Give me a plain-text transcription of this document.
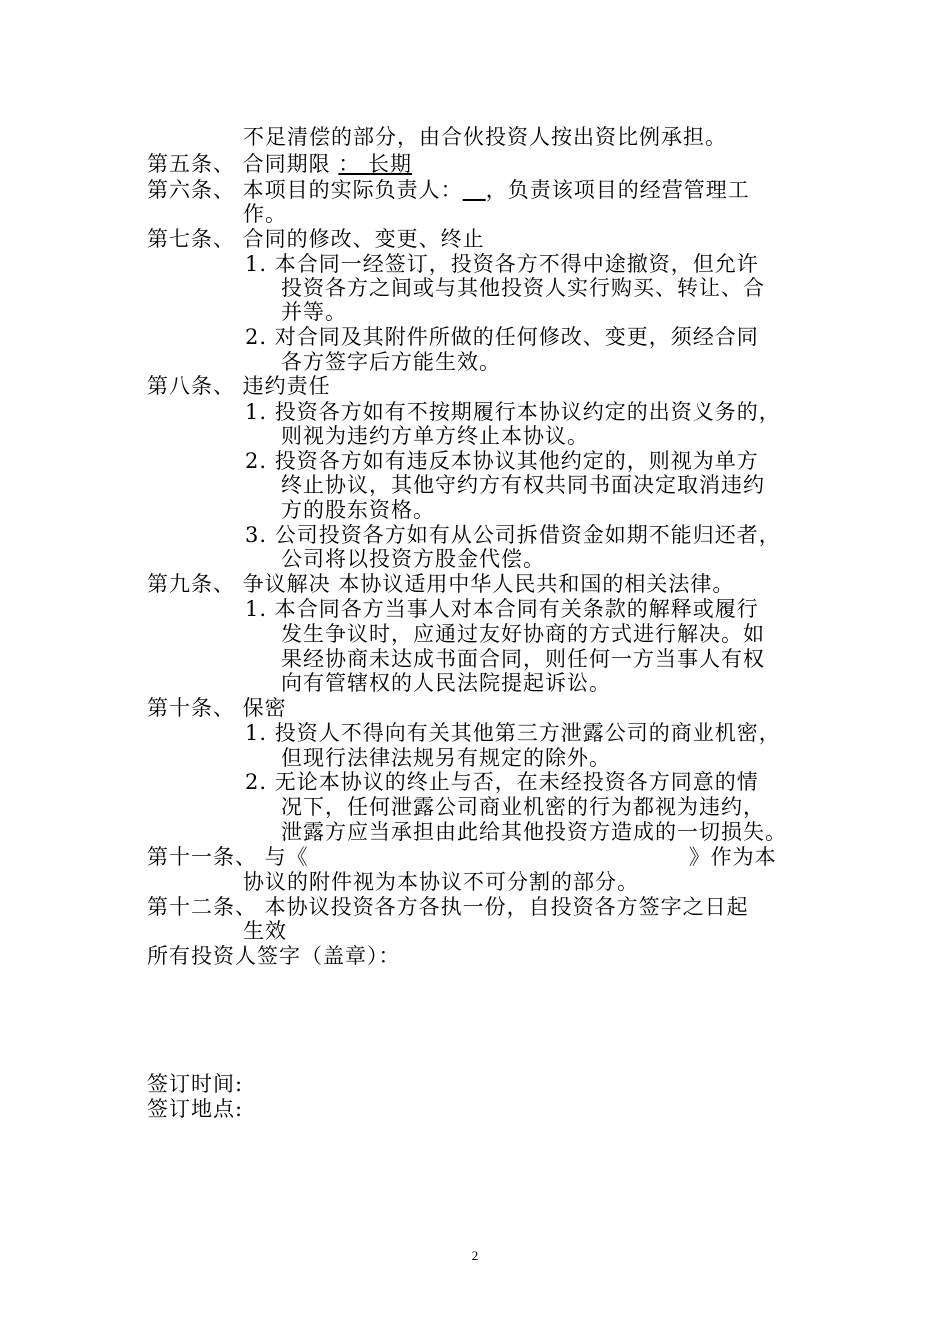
不足清偿的部分，由合伙投资人按出资比例承担。
第五条、 合同期限 ： 长期
第六条、 本项目的实际负责人： ，负责该项目的经营管理工
作。
第七条、 合同的修改、变更、终止
1. 本合同一经签订，投资各方不得中途撤资，但允许
投资各方之间或与其他投资人实行购买、转让、合
并等。
2. 对合同及其附件所做的任何修改、变更，须经合同
各方签字后方能生效。
第八条、 违约责任
1. 投资各方如有不按期履行本协议约定的出资义务的，
则视为违约方单方终止本协议。
2. 投资各方如有违反本协议其他约定的，则视为单方
终止协议，其他守约方有权共同书面决定取消违约
方的股东资格。
3. 公司投资各方如有从公司拆借资金如期不能归还者，
公司将以投资方股金代偿。
第九条、 争议解决 本协议适用中华人民共和国的相关法律。
1. 本合同各方当事人对本合同有关条款的解释或履行
发生争议时，应通过友好协商的方式进行解决。如
果经协商未达成书面合同，则任何一方当事人有权
向有管辖权的人民法院提起诉讼。
第十条、 保密
1. 投资人不得向有关其他第三方泄露公司的商业机密，
但现行法律法规另有规定的除外。
2. 无论本协议的终止与否，在未经投资各方同意的情
况下，任何泄露公司商业机密的行为都视为违约，
泄露方应当承担由此给其他投资方造成的一切损失。
第十一条、 与《	》作为本
协议的附件视为本协议不可分割的部分。
第十二条、 本协议投资各方各执一份，自投资各方签字之日起
生效
所有投资人签字（盖章）：
签订时间:
签订地点:
2
